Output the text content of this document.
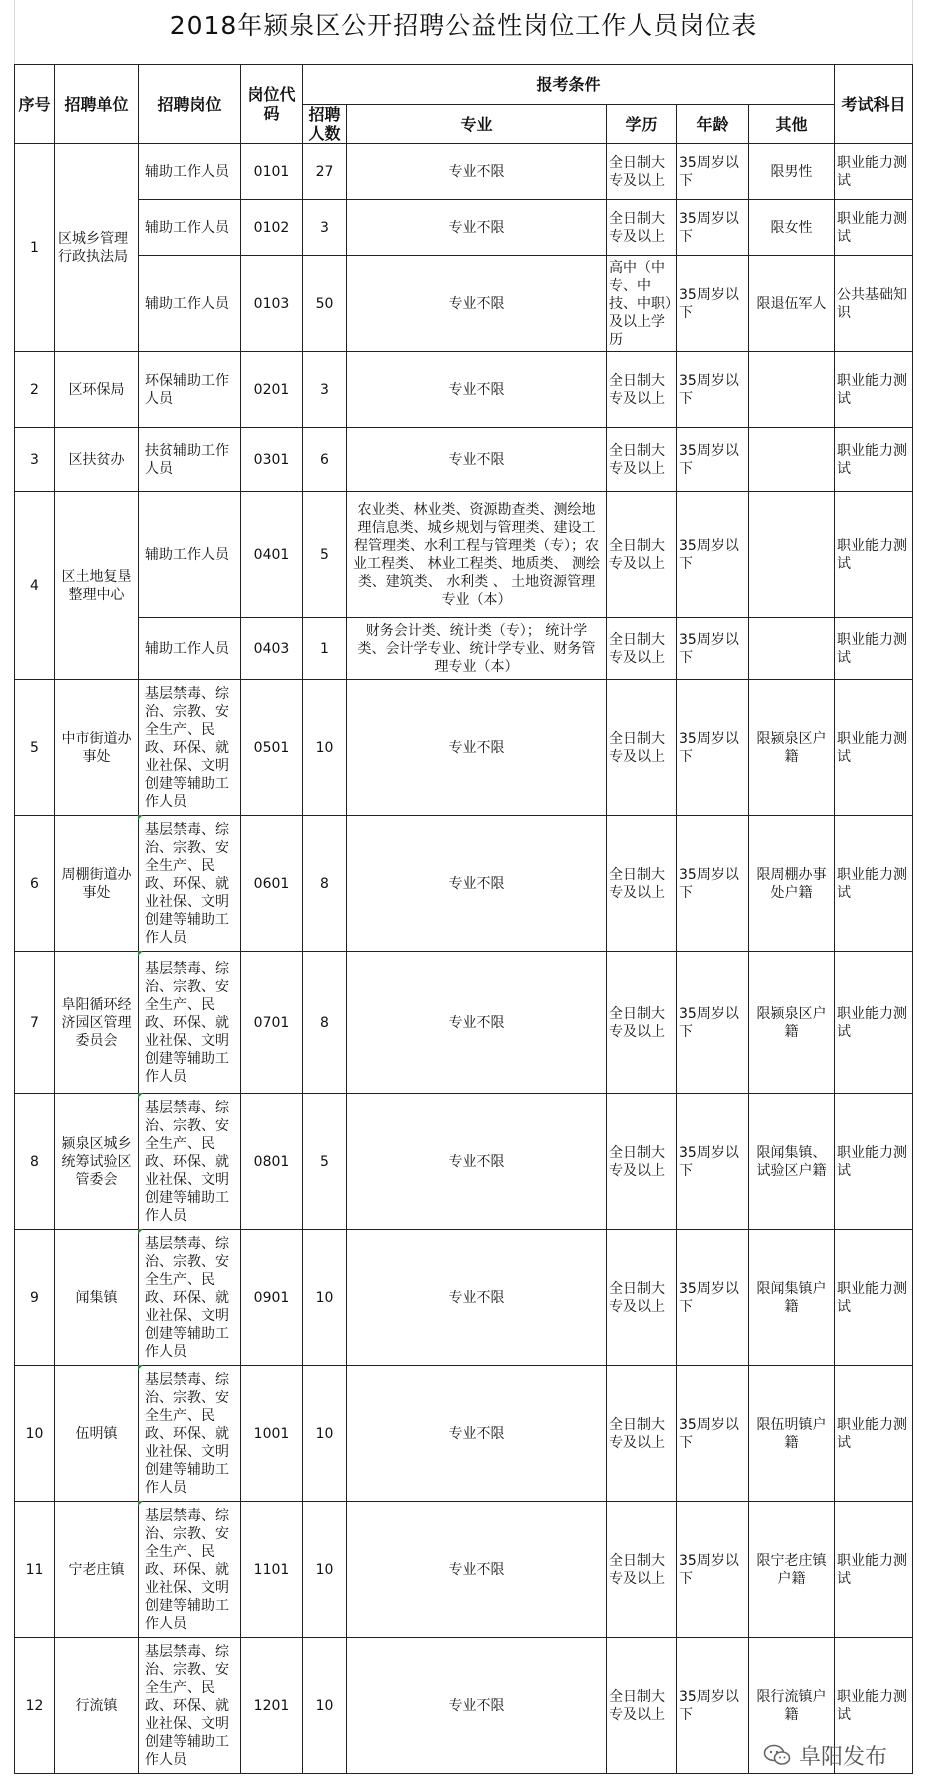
2018年颍泉区公开招聘公益性岗位工作人员岗位表
序号	招聘单位	招聘岗位	岗位代码	报考条件					考试科目
				招聘人数	专业	学历	年龄	其他	
1	区城乡管理行政执法局	辅助工作人员	0101	27	专业不限	全日制大专及以上	35周岁以下	限男性	职业能力测试
		辅助工作人员	0102	3	专业不限	全日制大专及以上	35周岁以下	限女性	职业能力测试
		辅助工作人员	0103	50	专业不限	高中（中专、中技、中职）及以上学历	35周岁以下	限退伍军人	公共基础知识
2	区环保局	环保辅助工作人员	0201	3	专业不限	全日制大专及以上	35周岁以下		职业能力测试
3	区扶贫办	扶贫辅助工作人员	0301	6	专业不限	全日制大专及以上	35周岁以下		职业能力测试
4	区土地复垦整理中心	辅助工作人员	0401	5	农业类、林业类、资源勘查类、测绘地理信息类、城乡规划与管理类、建设工程管理类、水利工程与管理类（专）；农业工程类、 林业工程类、地质类、 测绘类、建筑类、 水利类 、 土地资源管理专业（本）	全日制大专及以上	35周岁以下		职业能力测试
		辅助工作人员	0403	1	财务会计类、统计类（专）； 统计学类、会计学专业、统计学专业、财务管理专业（本）	全日制大专及以上	35周岁以下		职业能力测试
5	中市街道办事处	基层禁毒、综治、宗教、安全生产、民政、环保、就业社保、文明创建等辅助工作人员	0501	10	专业不限	全日制大专及以上	35周岁以下	限颍泉区户籍	职业能力测试
6	周棚街道办事处	基层禁毒、综治、宗教、安全生产、民政、环保、就业社保、文明创建等辅助工作人员	0601	8	专业不限	全日制大专及以上	35周岁以下	限周棚办事处户籍	职业能力测试
7	阜阳循环经济园区管理委员会	基层禁毒、综治、宗教、安全生产、民政、环保、就业社保、文明创建等辅助工作人员	0701	8	专业不限	全日制大专及以上	35周岁以下	限颍泉区户籍	职业能力测试
8	颍泉区城乡统筹试验区管委会	基层禁毒、综治、宗教、安全生产、民政、环保、就业社保、文明创建等辅助工作人员	0801	5	专业不限	全日制大专及以上	35周岁以下	限闻集镇、试验区户籍	职业能力测试
9	闻集镇	基层禁毒、综治、宗教、安全生产、民政、环保、就业社保、文明创建等辅助工作人员	0901	10	专业不限	全日制大专及以上	35周岁以下	限闻集镇户籍	职业能力测试
10	伍明镇	基层禁毒、综治、宗教、安全生产、民政、环保、就业社保、文明创建等辅助工作人员	1001	10	专业不限	全日制大专及以上	35周岁以下	限伍明镇户籍	职业能力测试
11	宁老庄镇	基层禁毒、综治、宗教、安全生产、民政、环保、就业社保、文明创建等辅助工作人员	1101	10	专业不限	全日制大专及以上	35周岁以下	限宁老庄镇户籍	职业能力测试
12	行流镇	基层禁毒、综治、宗教、安全生产、民政、环保、就业社保、文明创建等辅助工作人员	1201	10	专业不限	全日制大专及以上	35周岁以下	限行流镇户籍	职业能力测试
阜阳发布
